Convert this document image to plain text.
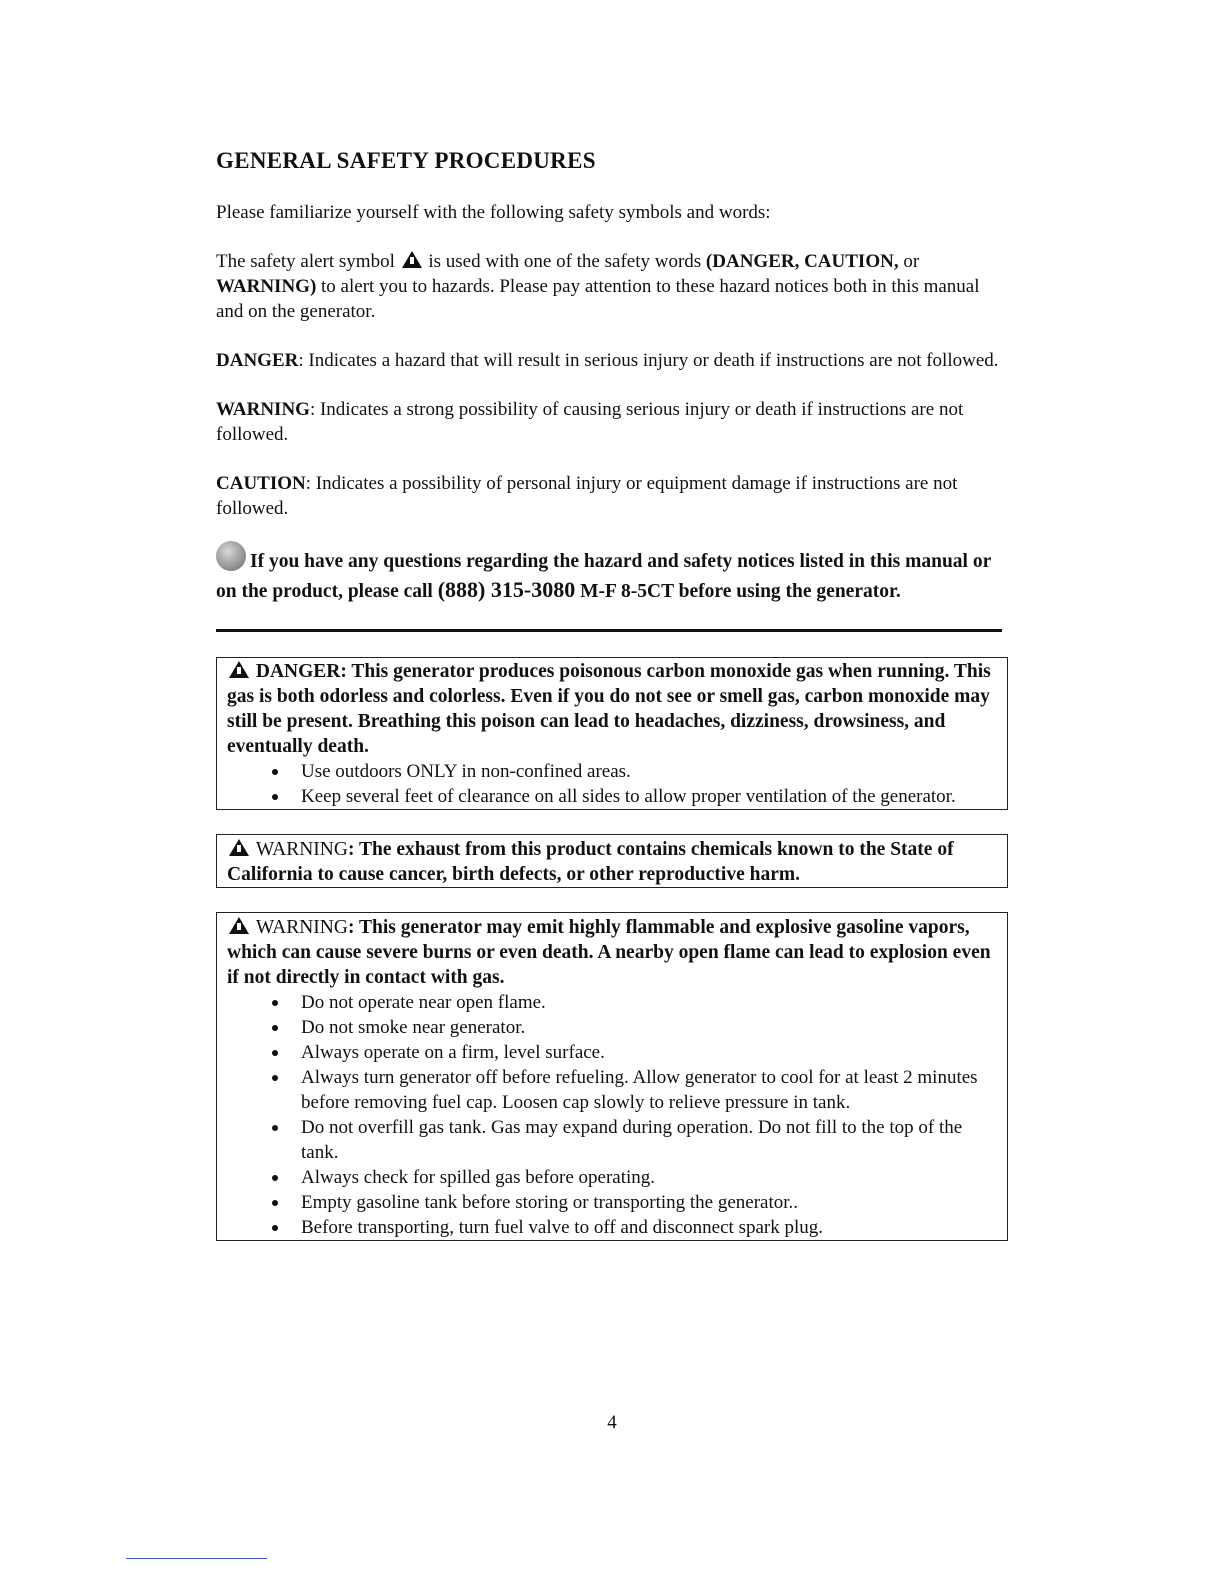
GENERAL SAFETY PROCEDURES

Please familiarize yourself with the following safety symbols and words:

The safety alert symbol is used with one of the safety words (DANGER, CAUTION, or WARNING) to alert you to hazards. Please pay attention to these hazard notices both in this manual and on the generator.

DANGER: Indicates a hazard that will result in serious injury or death if instructions are not followed.

WARNING: Indicates a strong possibility of causing serious injury or death if instructions are not followed.

CAUTION: Indicates a possibility of personal injury or equipment damage if instructions are not followed.

If you have any questions regarding the hazard and safety notices listed in this manual or on the product, please call (888) 315-3080 M-F 8-5CT before using the generator.
DANGER: This generator produces poisonous carbon monoxide gas when running. This gas is both odorless and colorless. Even if you do not see or smell gas, carbon monoxide may still be present. Breathing this poison can lead to headaches, dizziness, drowsiness, and eventually death.
Use outdoors ONLY in non-confined areas.
Keep several feet of clearance on all sides to allow proper ventilation of the generator.
WARNING: The exhaust from this product contains chemicals known to the State of California to cause cancer, birth defects, or other reproductive harm.
WARNING: This generator may emit highly flammable and explosive gasoline vapors, which can cause severe burns or even death. A nearby open flame can lead to explosion even if not directly in contact with gas.
Do not operate near open flame.
Do not smoke near generator.
Always operate on a firm, level surface.
Always turn generator off before refueling. Allow generator to cool for at least 2 minutes before removing fuel cap. Loosen cap slowly to relieve pressure in tank.
Do not overfill gas tank. Gas may expand during operation. Do not fill to the top of the tank.
Always check for spilled gas before operating.
Empty gasoline tank before storing or transporting the generator..
Before transporting, turn fuel valve to off and disconnect spark plug.
4
